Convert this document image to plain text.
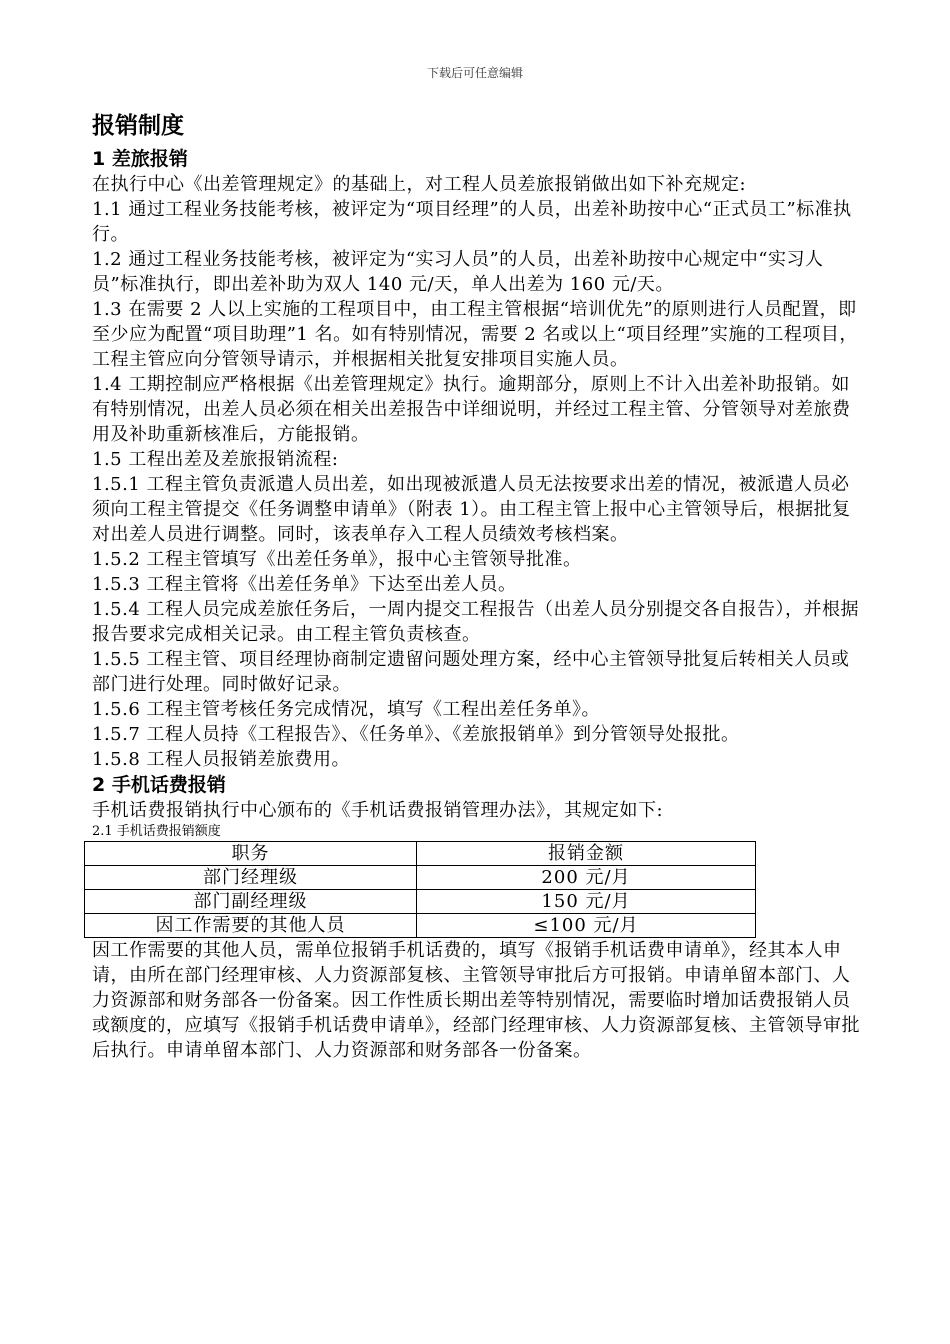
下载后可任意编辑
报销制度
1 差旅报销

在执行中心《出差管理规定》的基础上，对工程人员差旅报销做出如下补充规定:

1.1 通过工程业务技能考核，被评定为“项目经理”的人员，出差补助按中心“正式员工”标准执行。

1.2 通过工程业务技能考核，被评定为“实习人员”的人员，出差补助按中心规定中“实习人员”标准执行，即出差补助为双人 140 元/天，单人出差为 160 元/天。

1.3 在需要 2 人以上实施的工程项目中，由工程主管根据“培训优先”的原则进行人员配置，即至少应为配置“项目助理”1 名。如有特别情况，需要 2 名或以上“项目经理”实施的工程项目，工程主管应向分管领导请示，并根据相关批复安排项目实施人员。

1.4 工期控制应严格根据《出差管理规定》执行。逾期部分，原则上不计入出差补助报销。如有特别情况，出差人员必须在相关出差报告中详细说明，并经过工程主管、分管领导对差旅费用及补助重新核准后，方能报销。

1.5 工程出差及差旅报销流程:

1.5.1 工程主管负责派遣人员出差，如出现被派遣人员无法按要求出差的情况，被派遣人员必须向工程主管提交《任务调整申请单》（附表 1）。由工程主管上报中心主管领导后，根据批复对出差人员进行调整。同时，该表单存入工程人员绩效考核档案。

1.5.2 工程主管填写《出差任务单》，报中心主管领导批准。

1.5.3 工程主管将《出差任务单》下达至出差人员。

1.5.4 工程人员完成差旅任务后，一周内提交工程报告（出差人员分别提交各自报告），并根据报告要求完成相关记录。由工程主管负责核查。

1.5.5 工程主管、项目经理协商制定遗留问题处理方案，经中心主管领导批复后转相关人员或部门进行处理。同时做好记录。

1.5.6 工程主管考核任务完成情况，填写《工程出差任务单》。

1.5.7 工程人员持《工程报告》、《任务单》、《差旅报销单》到分管领导处报批。

1.5.8 工程人员报销差旅费用。

2 手机话费报销

手机话费报销执行中心颁布的《手机话费报销管理办法》，其规定如下:

2.1 手机话费报销额度

职务	报销金额
部门经理级	200 元/月
部门副经理级	150 元/月
因工作需要的其他人员	≤100 元/月

因工作需要的其他人员，需单位报销手机话费的，填写《报销手机话费申请单》，经其本人申请，由所在部门经理审核、人力资源部复核、主管领导审批后方可报销。申请单留本部门、人力资源部和财务部各一份备案。因工作性质长期出差等特别情况，需要临时增加话费报销人员或额度的，应填写《报销手机话费申请单》，经部门经理审核、人力资源部复核、主管领导审批后执行。申请单留本部门、人力资源部和财务部各一份备案。
